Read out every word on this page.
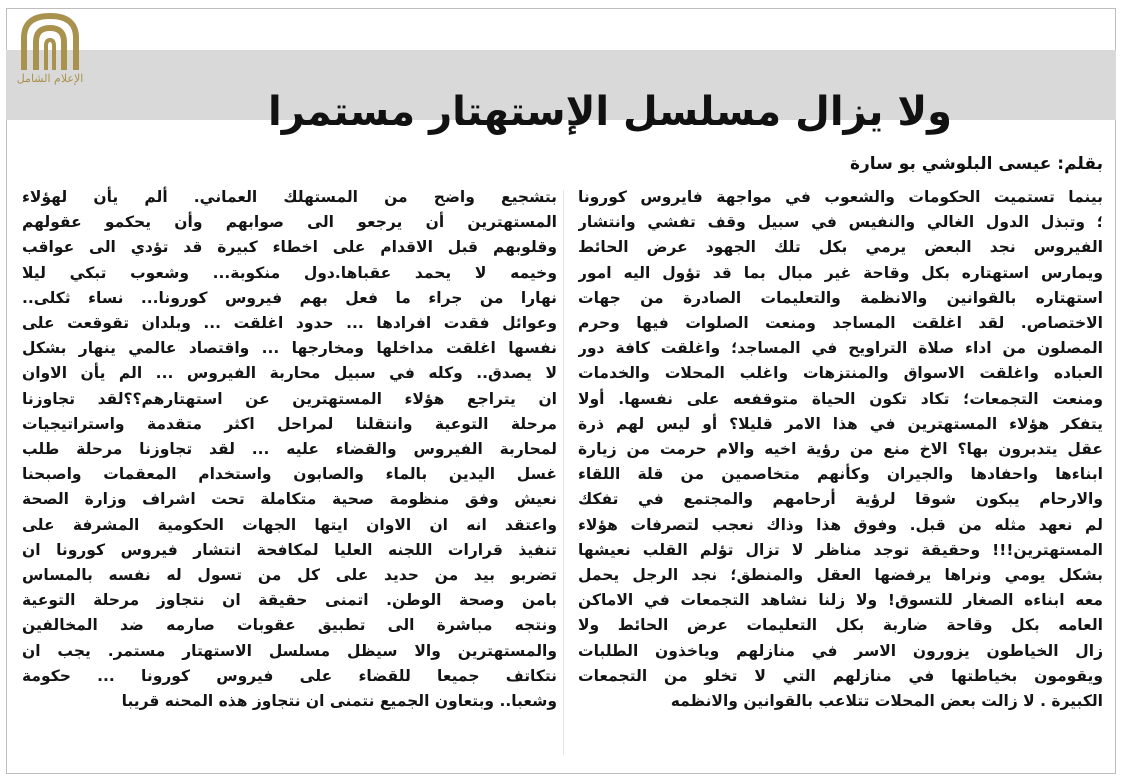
الإعلام الشامل
ولا يزال مسلسل الإستهتار مستمرا
بقلم: عيسى البلوشي بو سارة
بينما تستميت الحكومات والشعوب في مواجهة فايروس كورونا
؛ وتبذل الدول الغالي والنفيس في سبيل وقف تفشي وانتشار
الفيروس نجد البعض يرمي بكل تلك الجهود عرض الحائط
ويمارس استهتاره بكل وقاحة غير مبال بما قد تؤول اليه امور
استهتاره بالقوانين والانظمة والتعليمات الصادرة من جهات
الاختصاص. لقد اغلقت المساجد ومنعت الصلوات فيها وحرم
المصلون من اداء صلاة التراويح في المساجد؛ واغلقت كافة دور
العباده واغلقت الاسواق والمنتزهات واغلب المحلات والخدمات
ومنعت التجمعات؛ تكاد تكون الحياة متوقفعه على نفسها. أولا
يتفكر هؤلاء المستهترين في هذا الامر قليلا؟ أو ليس لهم ذرة
عقل يتدبرون بها؟ الاخ منع من رؤية اخيه والام حرمت من زيارة
ابناءها واحفادها والجيران وكأنهم متخاصمين من قلة اللقاء
والارحام يبكون شوقا لرؤية أرحامهم والمجتمع في تفكك
لم نعهد مثله من قبل. وفوق هذا وذاك نعجب لتصرفات هؤلاء
المستهترين!!! وحقيقة توجد مناظر لا تزال تؤلم القلب نعيشها
بشكل يومي ونراها يرفضها العقل والمنطق؛ نجد الرجل يحمل
معه ابناءه الصغار للتسوق! ولا زلنا نشاهد التجمعات في الاماكن
العامه بكل وقاحة ضاربة بكل التعليمات عرض الحائط ولا
زال الخياطون يزورون الاسر في منازلهم وياخذون الطلبات
ويقومون بخياطتها في منازلهم التي لا تخلو من التجمعات
الكبيرة . لا زالت بعض المحلات تتلاعب بالقوانين والانظمه
بتشجيع واضح من المستهلك العماني. ألم يأن لهؤلاء
المستهترين أن يرجعو الى صوابهم وأن يحكمو عقولهم
وقلوبهم قبل الاقدام على اخطاء كبيرة قد تؤدي الى عواقب
وخيمه لا يحمد عقباها.دول منكوبة... وشعوب تبكي ليلا
نهارا من جراء ما فعل بهم فيروس كورونا... نساء ثكلى..
وعوائل فقدت افرادها ... حدود اغلقت ... وبلدان تقوقعت على
نفسها اغلقت مداخلها ومخارجها ... واقتصاد عالمي ينهار بشكل
لا يصدق.. وكله في سبيل محاربة الفيروس ... الم يأن الاوان
ان يتراجع هؤلاء المستهترين عن استهتارهم؟؟لقد تجاوزنا
مرحلة التوعية وانتقلنا لمراحل اكثر متقدمة واستراتيجيات
لمحاربة الفيروس والقضاء عليه ... لقد تجاوزنا مرحلة طلب
غسل اليدين بالماء والصابون واستخدام المعقمات واصبحنا
نعيش وفق منظومة صحية متكاملة تحت اشراف وزارة الصحة
واعتقد انه ان الاوان ايتها الجهات الحكومية المشرفة على
تنفيذ قرارات اللجنه العليا لمكافحة انتشار فيروس كورونا ان
تضربو بيد من حديد على كل من تسول له نفسه بالمساس
بامن وصحة الوطن. اتمنى حقيقة ان نتجاوز مرحلة التوعية
ونتجه مباشرة الى تطبيق عقوبات صارمه ضد المخالفين
والمستهترين والا سيظل مسلسل الاستهتار مستمر. يجب ان
نتكاتف جميعا للقضاء على فيروس كورونا ... حكومة
وشعبا.. وبتعاون الجميع نتمنى ان نتجاوز هذه المحنه قريبا
